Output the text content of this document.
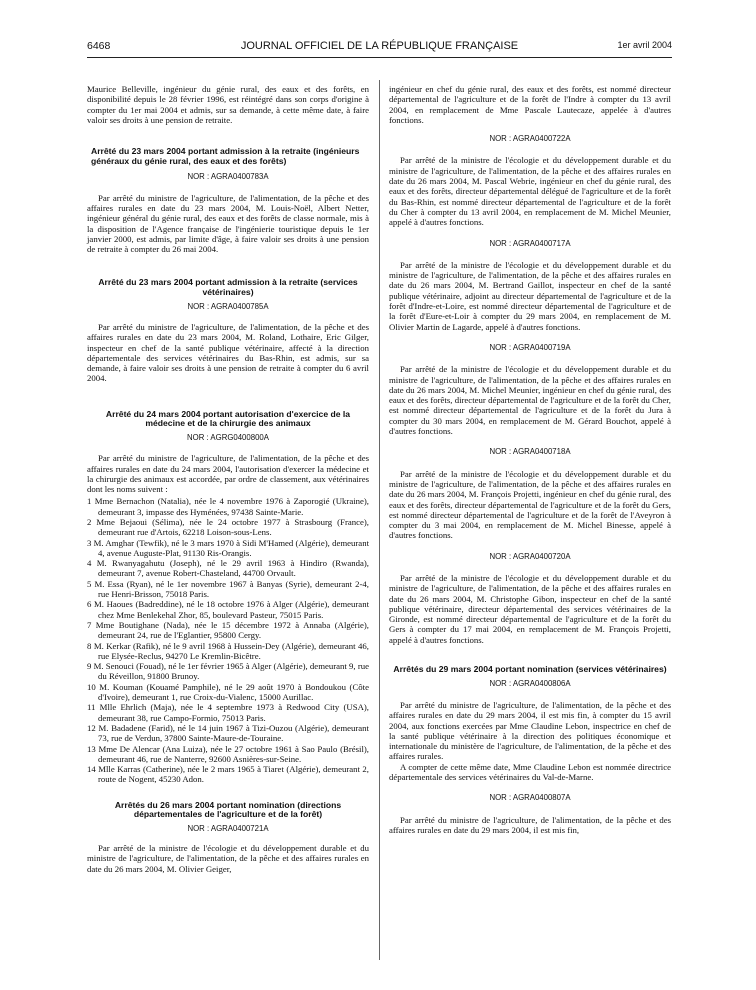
6468	JOURNAL OFFICIEL DE LA RÉPUBLIQUE FRANÇAISE	1er avril 2004

Maurice Belleville, ingénieur du génie rural, des eaux et des forêts, en disponibilité depuis le 28 février 1996, est réintégré dans son corps d'origine à compter du 1er mai 2004 et admis, sur sa demande, à cette même date, à faire valoir ses droits à une pension de retraite.

Arrêté du 23 mars 2004 portant admission à la retraite (ingénieurs généraux du génie rural, des eaux et des forêts)

NOR : AGRA0400783A

Par arrêté du ministre de l'agriculture, de l'alimentation, de la pêche et des affaires rurales en date du 23 mars 2004, M. Louis-Noël, Albert Netter, ingénieur général du génie rural, des eaux et des forêts de classe normale, mis à la disposition de l'Agence française de l'ingénierie touristique depuis le 1er janvier 2000, est admis, par limite d'âge, à faire valoir ses droits à une pension de retraite à compter du 26 mai 2004.

Arrêté du 23 mars 2004 portant admission à la retraite (services vétérinaires)

NOR : AGRA0400785A

Par arrêté du ministre de l'agriculture, de l'alimentation, de la pêche et des affaires rurales en date du 23 mars 2004, M. Roland, Lothaire, Eric Gilger, inspecteur en chef de la santé publique vétérinaire, affecté à la direction départementale des services vétérinaires du Bas-Rhin, est admis, sur sa demande, à faire valoir ses droits à une pension de retraite à compter du 6 avril 2004.

Arrêté du 24 mars 2004 portant autorisation d'exercice de la médecine et de la chirurgie des animaux

NOR : AGRG0400800A

Par arrêté du ministre de l'agriculture, de l'alimentation, de la pêche et des affaires rurales en date du 24 mars 2004, l'autorisation d'exercer la médecine et la chirurgie des animaux est accordée, par ordre de classement, aux vétérinaires dont les noms suivent :

1 Mme Bernachon (Natalia), née le 4 novembre 1976 à Zaporogié (Ukraine), demeurant 3, impasse des Hyménées, 97438 Sainte-Marie.
2 Mme Bejaoui (Sélima), née le 24 octobre 1977 à Strasbourg (France), demeurant rue d'Artois, 62218 Loison-sous-Lens.
3 M. Amghar (Tewfik), né le 3 mars 1970 à Sidi M'Hamed (Algérie), demeurant 4, avenue Auguste-Plat, 91130 Ris-Orangis.
4 M. Rwanyagahutu (Joseph), né le 29 avril 1963 à Hindiro (Rwanda), demeurant 7, avenue Robert-Chasteland, 44700 Orvault.
5 M. Essa (Ryan), né le 1er novembre 1967 à Banyas (Syrie), demeurant 2-4, rue Henri-Brisson, 75018 Paris.
6 M. Haoues (Badreddine), né le 18 octobre 1976 à Alger (Algérie), demeurant chez Mme Benlekehal Zhor, 85, boulevard Pasteur, 75015 Paris.
7 Mme Boutighane (Nada), née le 15 décembre 1972 à Annaba (Algérie), demeurant 24, rue de l'Eglantier, 95800 Cergy.
8 M. Kerkar (Rafik), né le 9 avril 1968 à Hussein-Dey (Algérie), demeurant 46, rue Elysée-Reclus, 94270 Le Kremlin-Bicêtre.
9 M. Senouci (Fouad), né le 1er février 1965 à Alger (Algérie), demeurant 9, rue du Réveillon, 91800 Brunoy.
10 M. Kouman (Kouamé Pamphile), né le 29 août 1970 à Bondoukou (Côte d'Ivoire), demeurant 1, rue Croix-du-Vialenc, 15000 Aurillac.
11 Mlle Ehrlich (Maja), née le 4 septembre 1973 à Redwood City (USA), demeurant 38, rue Campo-Formio, 75013 Paris.
12 M. Badadene (Farid), né le 14 juin 1967 à Tizi-Ouzou (Algérie), demeurant 73, rue de Verdun, 37800 Sainte-Maure-de-Touraine.
13 Mme De Alencar (Ana Luiza), née le 27 octobre 1961 à Sao Paulo (Brésil), demeurant 46, rue de Nanterre, 92600 Asnières-sur-Seine.
14 Mlle Karras (Catherine), née le 2 mars 1965 à Tiaret (Algérie), demeurant 2, route de Nogent, 45230 Adon.
Arrêtés du 26 mars 2004 portant nomination (directions départementales de l'agriculture et de la forêt)

NOR : AGRA0400721A

Par arrêté de la ministre de l'écologie et du développement durable et du ministre de l'agriculture, de l'alimentation, de la pêche et des affaires rurales en date du 26 mars 2004, M. Olivier Geiger,

ingénieur en chef du génie rural, des eaux et des forêts, est nommé directeur départemental de l'agriculture et de la forêt de l'Indre à compter du 13 avril 2004, en remplacement de Mme Pascale Lautecaze, appelée à d'autres fonctions.

NOR : AGRA0400722A

Par arrêté de la ministre de l'écologie et du développement durable et du ministre de l'agriculture, de l'alimentation, de la pêche et des affaires rurales en date du 26 mars 2004, M. Pascal Webrie, ingénieur en chef du génie rural, des eaux et des forêts, directeur départemental délégué de l'agriculture et de la forêt du Bas-Rhin, est nommé directeur départemental de l'agriculture et de la forêt du Cher à compter du 13 avril 2004, en remplacement de M. Michel Meunier, appelé à d'autres fonctions.

NOR : AGRA0400717A

Par arrêté de la ministre de l'écologie et du développement durable et du ministre de l'agriculture, de l'alimentation, de la pêche et des affaires rurales en date du 26 mars 2004, M. Bertrand Gaillot, inspecteur en chef de la santé publique vétérinaire, adjoint au directeur départemental de l'agriculture et de la forêt d'Indre-et-Loire, est nommé directeur départemental de l'agriculture et de la forêt d'Eure-et-Loir à compter du 29 mars 2004, en remplacement de M. Olivier Martin de Lagarde, appelé à d'autres fonctions.

NOR : AGRA0400719A

Par arrêté de la ministre de l'écologie et du développement durable et du ministre de l'agriculture, de l'alimentation, de la pêche et des affaires rurales en date du 26 mars 2004, M. Michel Meunier, ingénieur en chef du génie rural, des eaux et des forêts, directeur départemental de l'agriculture et de la forêt du Cher, est nommé directeur départemental de l'agriculture et de la forêt du Jura à compter du 30 mars 2004, en remplacement de M. Gérard Bouchot, appelé à d'autres fonctions.

NOR : AGRA0400718A

Par arrêté de la ministre de l'écologie et du développement durable et du ministre de l'agriculture, de l'alimentation, de la pêche et des affaires rurales en date du 26 mars 2004, M. François Projetti, ingénieur en chef du génie rural, des eaux et des forêts, directeur départemental de l'agriculture et de la forêt du Gers, est nommé directeur départemental de l'agriculture et de la forêt de l'Aveyron à compter du 3 mai 2004, en remplacement de M. Michel Binesse, appelé à d'autres fonctions.

NOR : AGRA0400720A

Par arrêté de la ministre de l'écologie et du développement durable et du ministre de l'agriculture, de l'alimentation, de la pêche et des affaires rurales en date du 26 mars 2004, M. Christophe Gibon, inspecteur en chef de la santé publique vétérinaire, directeur départemental des services vétérinaires de la Gironde, est nommé directeur départemental de l'agriculture et de la forêt du Gers à compter du 17 mai 2004, en remplacement de M. François Projetti, appelé à d'autres fonctions.

Arrêtés du 29 mars 2004 portant nomination (services vétérinaires)

NOR : AGRA0400806A

Par arrêté du ministre de l'agriculture, de l'alimentation, de la pêche et des affaires rurales en date du 29 mars 2004, il est mis fin, à compter du 15 avril 2004, aux fonctions exercées par Mme Claudine Lebon, inspectrice en chef de la santé publique vétérinaire à la direction des politiques économique et internationale du ministère de l'agriculture, de l'alimentation, de la pêche et des affaires rurales.

A compter de cette même date, Mme Claudine Lebon est nommée directrice départementale des services vétérinaires du Val-de-Marne.

NOR : AGRA0400807A

Par arrêté du ministre de l'agriculture, de l'alimentation, de la pêche et des affaires rurales en date du 29 mars 2004, il est mis fin,
